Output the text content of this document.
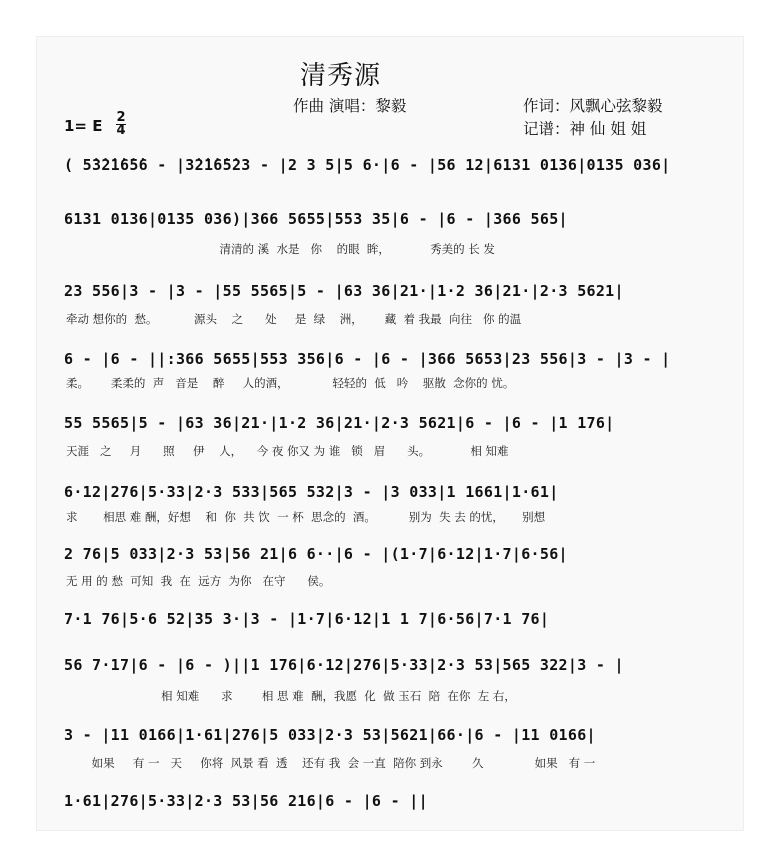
清秀源
作曲 演唱：黎毅	作词：风飘心弦黎毅
记谱：神 仙 姐 姐
1= E 2
4
( 5̇3̇2̇1̇6̇5̇6 - |3̇2̇1̇6̇5̇23 - |2 3 5|5 6·|6 - |56 12|6131 0136|0135 036|
6131 0136|0135 036)|366 5655|553 35|6 - |6 - |366 565|
清清的 溪  水是   你    的眼  眸，           秀美的 长 发
23 556|3 - |3 - |55 5565|5 - |63 36|21·|1·2 36|21·|2·3 5621|
牵动 想你的  愁。          源头    之      处     是  绿    洲，      藏  着 我最  向往   你 的温
6 - |6 - ||:366 5655|553 356|6 - |6 - |366 5653|23 556|3 - |3 - |
柔。      柔柔的  声   音是    醉     人的酒，            轻轻的  低   吟    驱散  念你的 忧。
55 5565|5 - |63 36|21·|1·2 36|21·|2·3 5621|6 - |6 - |1 176|
天涯   之     月      照     伊    人，    今 夜 你又 为 谁   锁   眉      头。           相 知难
6·12|276|5·33|2·3 533|565 532|3 - |3 033|1 1661|1·61|
求       相思 难 酬，好想    和  你  共 饮  一 杯  思念的  酒。         别为  失 去 的忧，     别想
2 76|5 033|2·3 53|56 21|6 6··|6 - |(1·7|6·12|1·7|6·56|
无 用 的 愁  可知  我  在  远方  为你   在守      侯。
7·1 76|5·6 52|35 3·|3 - |1·7|6·12|1 1 7|6·56|7·1 76|
56 7·17|6 - |6 - )||1 176|6·12|276|5·33|2·3 53|565 322|3 - |
相 知难      求        相 思 难  酬，我愿  化  做 玉石  陪  在你  左 右，
3 - |11 0166|1·61|276|5 033|2·3 53|5621|66·|6 - |11 0166|
如果     有 一   天     你将  风景 看  透    还有 我  会 一直  陪你 到永        久              如果   有 一
1·61|276|5·33|2·3 53|56 216|6 - |6 - ||
